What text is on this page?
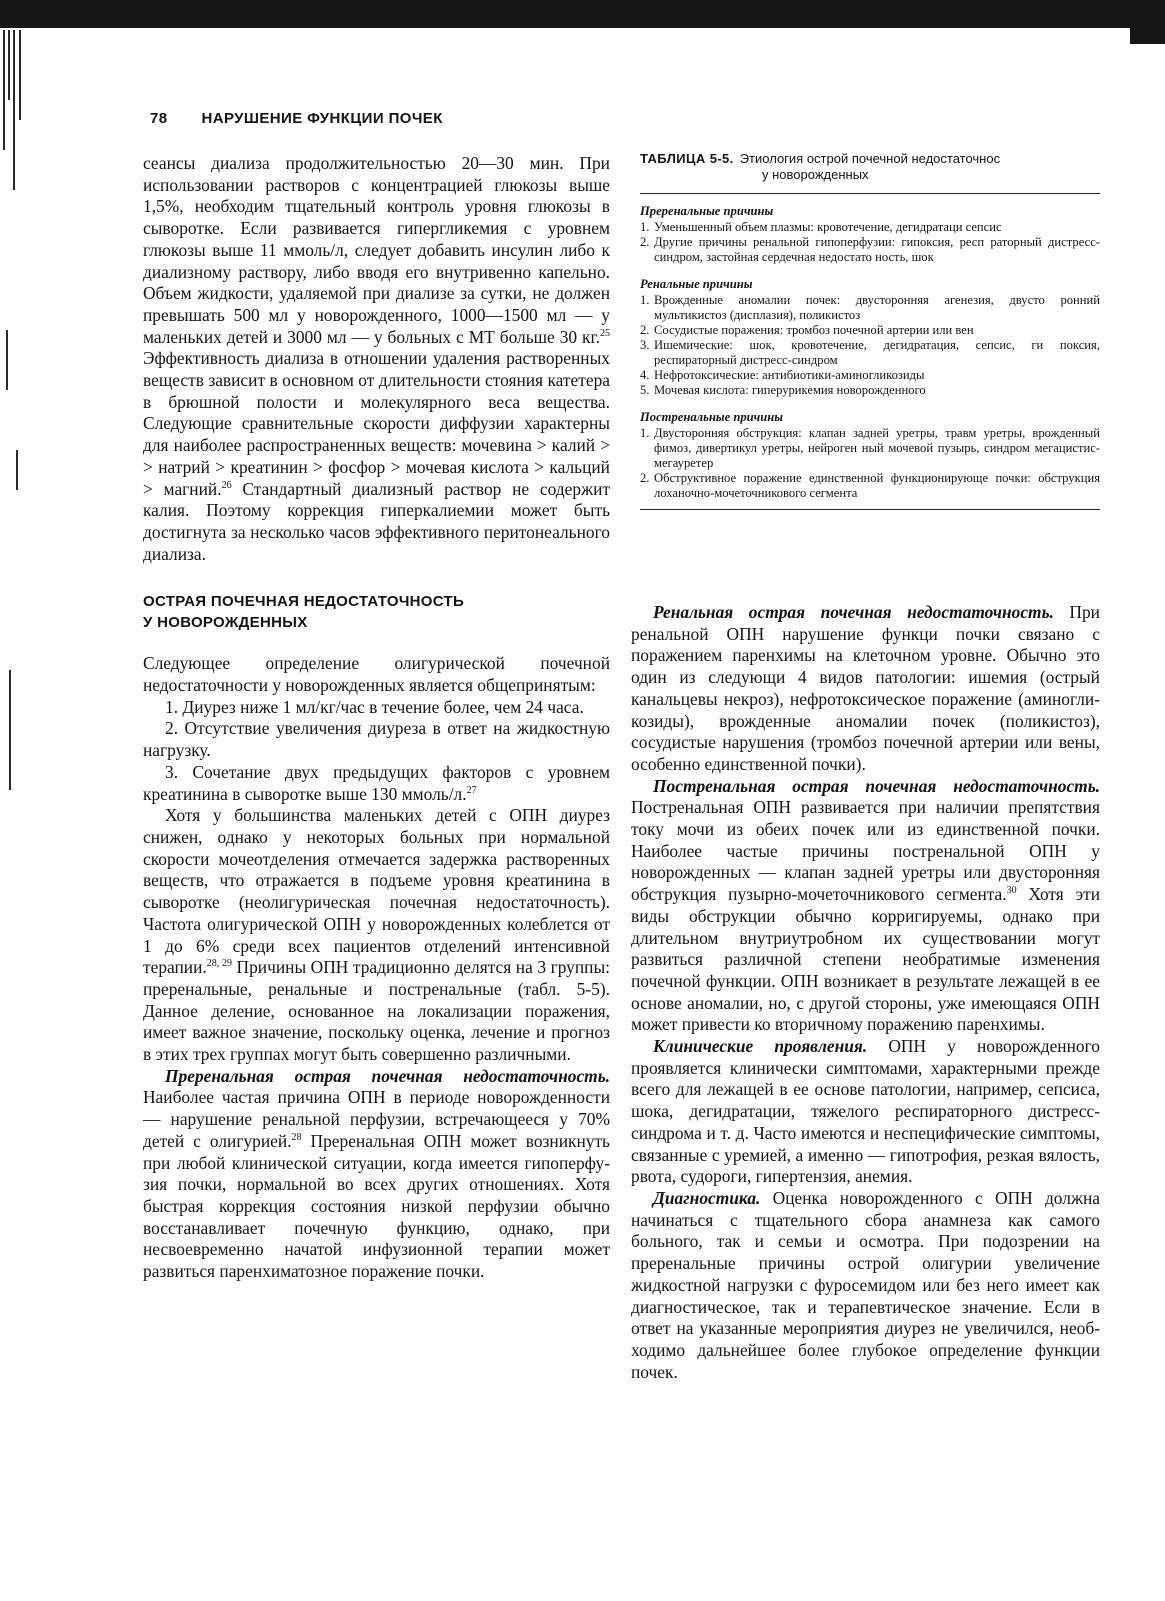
78 НАРУШЕНИЕ ФУНКЦИИ ПОЧЕК

сеансы диализа продолжительностью 20—30 мин. При использовании растворов с концентрацией глюкозы выше 1,5%, необходим тщательный контроль уровня глюкозы в сыворотке. Если развивается гипергликемия с уровнем глюкозы выше 11 ммоль/л, следует добавить инсулин либо к диализному раствору, либо вводя его внутривенно капельно. Объем жидкости, удаляемой при диализе за сутки, не должен превышать 500 мл у новорожденного, 1000—1500 мл — у маленьких детей и 3000 мл — у больных с МТ больше 30 кг.$^{25}$ Эффективность диализа в отношении удаления растворенных веществ зависит в основном от длительности стояния катетера в брюшной полости и молекулярного веса вещества. Следующие сравнительные скорости диффузии характерны для наиболее распространенных веществ: мочевина > калий > > натрий > креатинин > фосфор > мочевая кислота > кальций > магний.$^{26}$ Стандартный диализный раствор не содержит калия. Поэтому коррекция гиперкалиемии может быть достигнута за несколько часов эффективного перитонеального диализа.

ОСТРАЯ ПОЧЕЧНАЯ НЕДОСТАТОЧНОСТЬ
У НОВОРОЖДЕННЫХ

Следующее определение олигурической почечной недостаточности у новорожденных является общепринятым:

1. Диурез ниже 1 мл/кг/час в течение более, чем 24 часа.

2. Отсутствие увеличения диуреза в ответ на жидкостную нагрузку.

3. Сочетание двух предыдущих факторов с уровнем креатинина в сыворотке выше 130 ммоль/л.$^{27}$

Хотя у большинства маленьких детей с ОПН диурез снижен, однако у некоторых больных при нормальной скорости мочеотделения отмечается задержка растворенных веществ, что отражается в подъеме уровня креатинина в сыворотке (неолигурическая почечная недостаточность). Частота олигурической ОПН у новорожденных колеблется от 1 до 6% среди всех пациентов отделений интенсивной терапии.$^{28, 29}$ Причины ОПН традиционно делятся на 3 группы: преренальные, ренальные и постренальные (табл. 5-5). Данное деление, основанное на локализации поражения, имеет важное значение, поскольку оценка, лечение и прогноз в этих трех группах могут быть совершенно различными.

Преренальная острая почечная недостаточность. Наиболее частая причина ОПН в периоде новорожденности — нарушение ренальной перфузии, встречающееся у 70% детей с олигурией.$^{28}$ Преренальная ОПН может возникнуть при любой клинической ситуации, когда имеется гипоперфузия почки, нормальной во всех других отношениях. Хотя быстрая коррекция состояния низкой перфузии обычно восстанавливает почечную функцию, однако, при несвоевременно начатой инфузионной терапии может развиться паренхиматозное поражение почки.

ТАБЛИЦА 5-5. Этиология острой почечной недостаточнос
у новорожденных
Преренальные причины
1. Уменьшенный объем плазмы: кровотечение, дегидратаци сепсис
2. Другие причины ренальной гипоперфузии: гипоксия, респ раторный дистресс-синдром, застойная сердечная недостато ность, шок
Ренальные причины
1. Врожденные аномалии почек: двусторонняя агенезия, двусто ронний мультикистоз (дисплазия), поликистоз
2. Сосудистые поражения: тромбоз почечной артерии или вен
3. Ишемические: шок, кровотечение, дегидратация, сепсис, ги поксия, респираторный дистресс-синдром
4. Нефротоксические: антибиотики-аминогликозиды
5. Мочевая кислота: гиперурикемия новорожденного
Постренальные причины
1. Двусторонняя обструкция: клапан задней уретры, травм уретры, врожденный фимоз, дивертикул уретры, нейроген ный мочевой пузырь, синдром мегацистис-мегауретер
2. Обструктивное поражение единственной функционирующе почки: обструкция лоханочно-мочеточникового сегмента

Ренальная острая почечная недостаточность. При ренальной ОПН нарушение функци почки связано с поражением паренхимы на клеточном уровне. Обычно это один из следующи 4 видов патологии: ишемия (острый канальцевы некроз), нефротоксическое поражение (аминогликозиды), врожденные аномалии почек (поликистоз), сосудистые нарушения (тромбоз почечной артерии или вены, особенно единственной почки).

Постренальная острая почечная недостаточность. Постренальная ОПН развивается при наличии препятствия току мочи из обеих почек или из единственной почки. Наиболее частые причины постренальной ОПН у новорожденных — клапан задней уретры или двусторонняя обструкция пузырно-мочеточникового сегмента.$^{30}$ Хотя эти виды обструкции обычно корригируемы, однако при длительном внутриутробном их существовании могут развиться различной степени необратимые изменения почечной функции. ОПН возникает в результате лежащей в ее основе аномалии, но, с другой стороны, уже имеющаяся ОПН может привести ко вторичному поражению паренхимы.

Клинические проявления. ОПН у новорожденного проявляется клинически симптомами, характерными прежде всего для лежащей в ее основе патологии, например, сепсиса, шока, дегидратации, тяжелого респираторного дистресс-синдрома и т. д. Часто имеются и неспецифические симптомы, связанные с уремией, а именно — гипотрофия, резкая вялость, рвота, судороги, гипертензия, анемия.

Диагностика. Оценка новорожденного с ОПН должна начинаться с тщательного сбора анамнеза как самого больного, так и семьи и осмотра. При подозрении на преренальные причины острой олигурии увеличение жидкостной нагрузки с фуросемидом или без него имеет как диагностическое, так и терапевтическое значение. Если в ответ на указанные мероприятия диурез не увеличился, необходимо дальнейшее более глубокое определение функции почек.
